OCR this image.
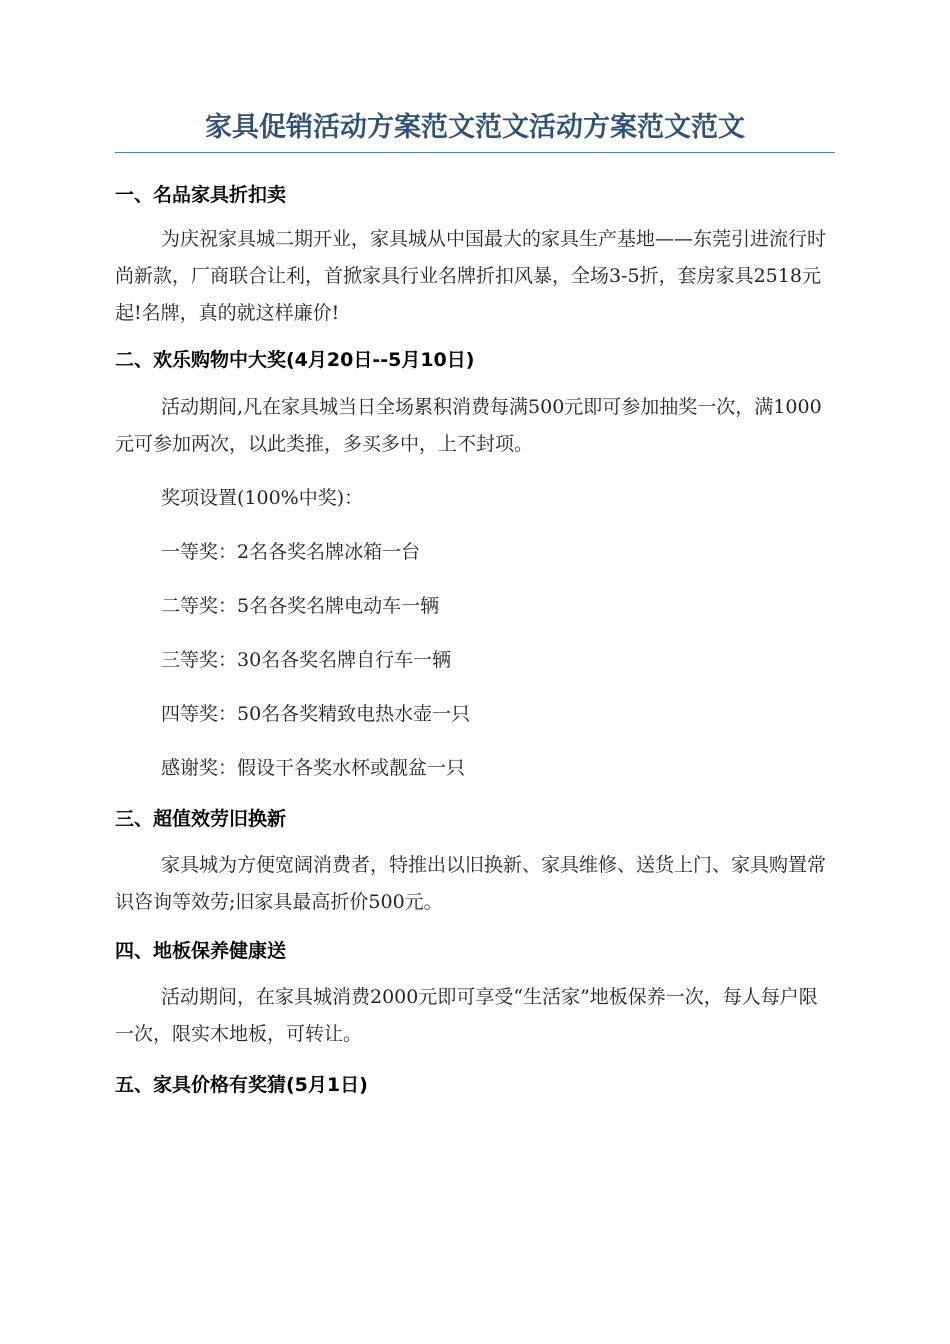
家具促销活动方案范文范文活动方案范文范文
一、名品家具折扣卖

为庆祝家具城二期开业，家具城从中国最大的家具生产基地——东莞引进流行时尚新款，厂商联合让利，首掀家具行业名牌折扣风暴，全场3-5折，套房家具2518元起!名牌，真的就这样廉价!

二、欢乐购物中大奖(4月20日--5月10日)

活动期间,凡在家具城当日全场累积消费每满500元即可参加抽奖一次，满1000元可参加两次，以此类推，多买多中，上不封项。

奖项设置(100%中奖)：

一等奖：2名各奖名牌冰箱一台

二等奖：5名各奖名牌电动车一辆

三等奖：30名各奖名牌自行车一辆

四等奖：50名各奖精致电热水壶一只

感谢奖：假设干各奖水杯或靓盆一只

三、超值效劳旧换新

家具城为方便宽阔消费者，特推出以旧换新、家具维修、送货上门、家具购置常识咨询等效劳;旧家具最高折价500元。

四、地板保养健康送

活动期间，在家具城消费2000元即可享受“生活家”地板保养一次，每人每户限一次，限实木地板，可转让。

五、家具价格有奖猜(5月1日)
